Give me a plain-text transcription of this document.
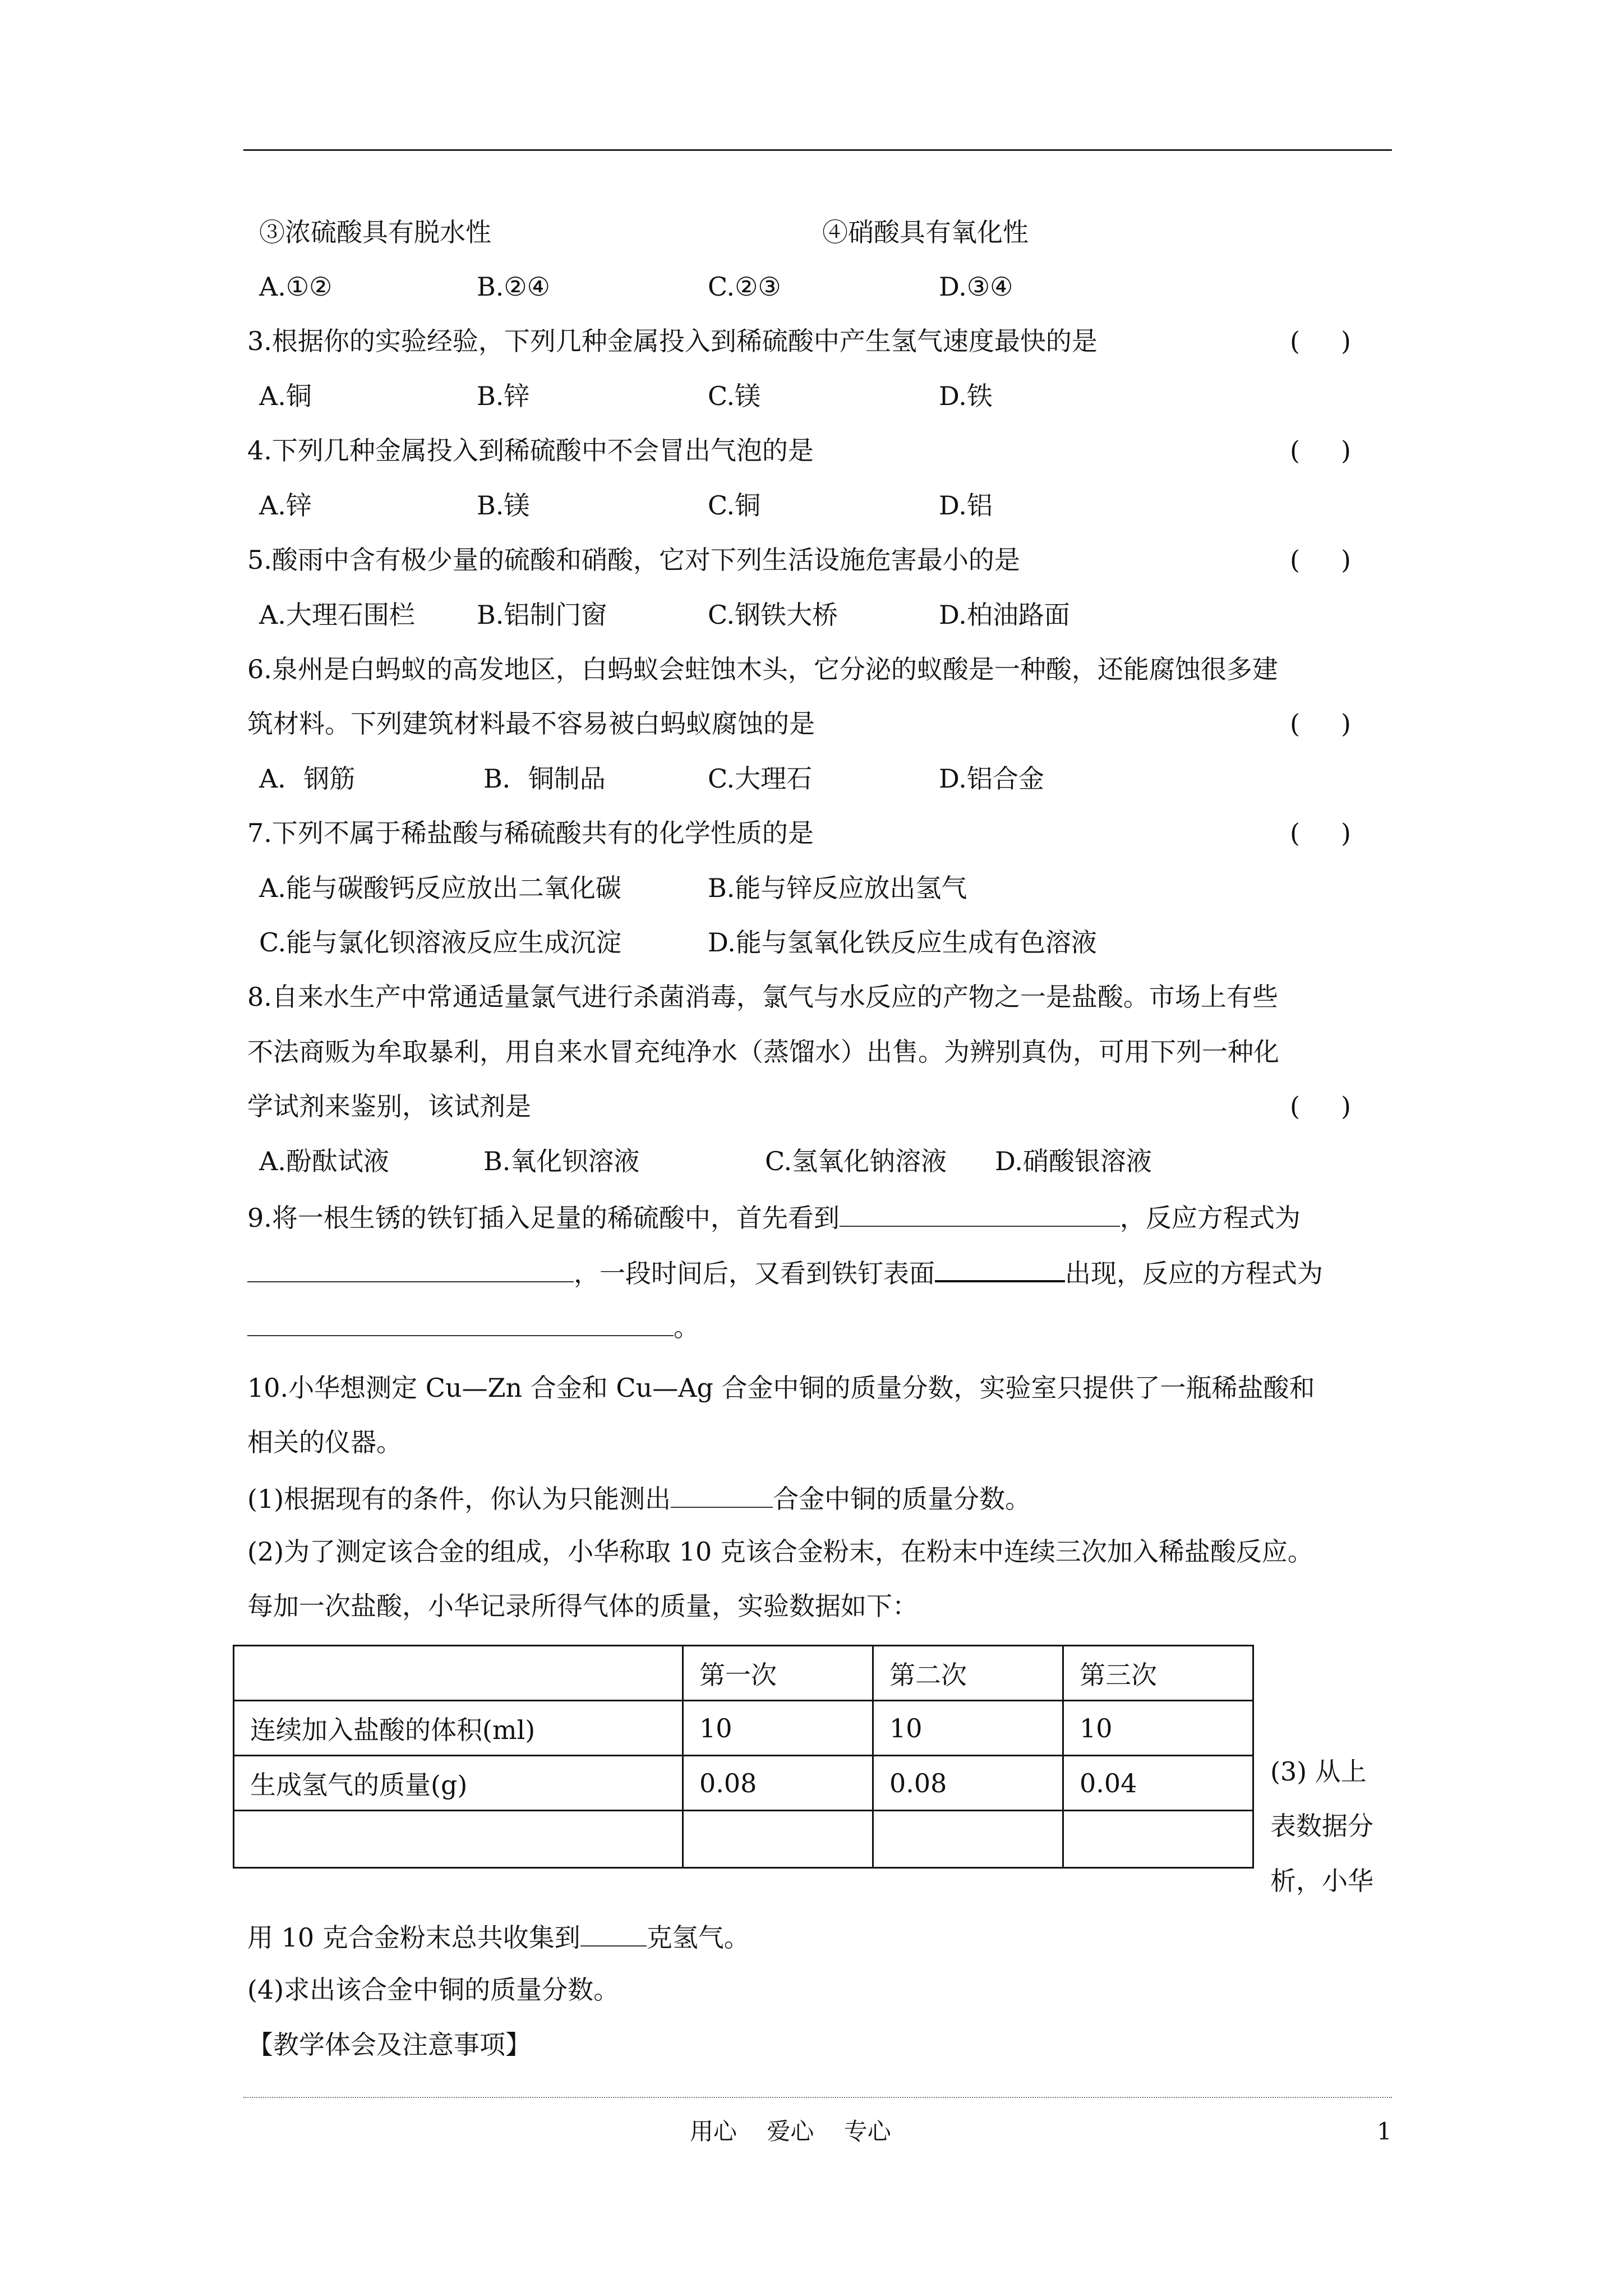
③浓硫酸具有脱水性	④硝酸具有氧化性
A.①②	B.②④	C.②③	D.③④
3.根据你的实验经验，下列几种金属投入到稀硫酸中产生氢气速度最快的是	(     )
A.铜	B.锌	C.镁	D.铁
4.下列几种金属投入到稀硫酸中不会冒出气泡的是	(     )
A.锌	B.镁	C.铜	D.铝
5.酸雨中含有极少量的硫酸和硝酸，它对下列生活设施危害最小的是	(     )
A.大理石围栏 B.铝制门窗	C.钢铁大桥	D.柏油路面
6.泉州是白蚂蚁的高发地区，白蚂蚁会蛀蚀木头，它分泌的蚁酸是一种酸，还能腐蚀很多建
筑材料。下列建筑材料最不容易被白蚂蚁腐蚀的是	(     )
A．钢筋	B．铜制品	C.大理石	D.铝合金
7.下列不属于稀盐酸与稀硫酸共有的化学性质的是	(     )
A.能与碳酸钙反应放出二氧化碳	B.能与锌反应放出氢气
C.能与氯化钡溶液反应生成沉淀	D.能与氢氧化铁反应生成有色溶液
8.自来水生产中常通适量氯气进行杀菌消毒，氯气与水反应的产物之一是盐酸。市场上有些
不法商贩为牟取暴利，用自来水冒充纯净水（蒸馏水）出售。为辨别真伪，可用下列一种化
学试剂来鉴别，该试剂是	(     )
A.酚酞试液	B.氧化钡溶液	C.氢氧化钠溶液 D.硝酸银溶液
9.将一根生锈的铁钉插入足量的稀硫酸中，首先看到	，反应方程式为
，一段时间后，又看到铁钉表面	出现，反应的方程式为
。
10.小华想测定 Cu—Zn 合金和 Cu—Ag 合金中铜的质量分数，实验室只提供了一瓶稀盐酸和
相关的仪器。
(1)根据现有的条件，你认为只能测出	合金中铜的质量分数。
(2)为了测定该合金的组成，小华称取 10 克该合金粉末，在粉末中连续三次加入稀盐酸反应。
每加一次盐酸，小华记录所得气体的质量，实验数据如下：
	第一次	第二次	第三次
连续加入盐酸的体积(ml)	10	10	10
生成氢气的质量(g)	0.08	0.08	0.04
				(3) 从上
表数据分
析，小华
用 10 克合金粉末总共收集到	克氢气。
(4)求出该合金中铜的质量分数。
【教学体会及注意事项】
用心    爱心    专心	1
